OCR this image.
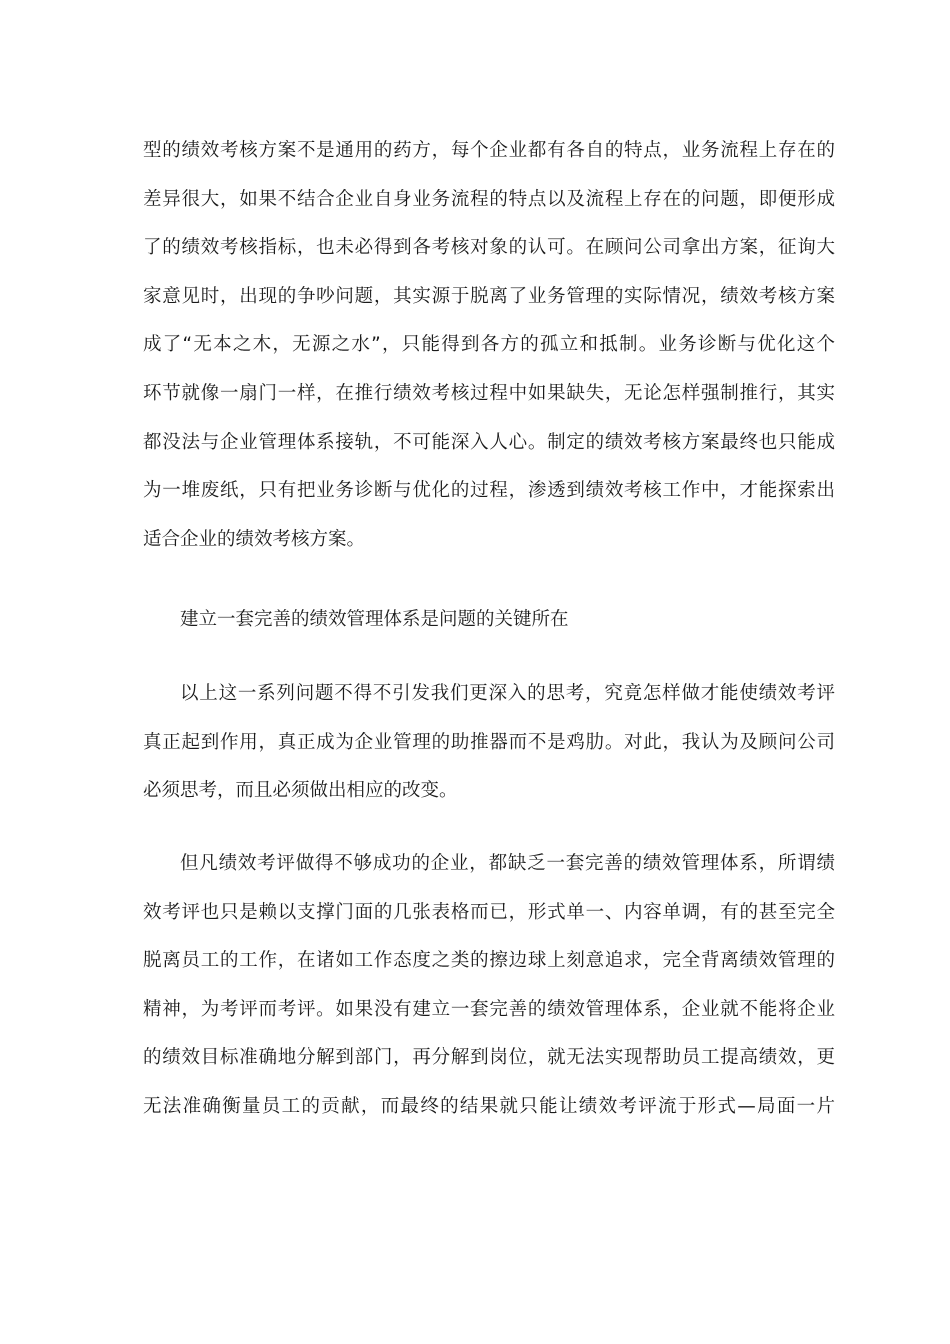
型的绩效考核方案不是通用的药方，每个企业都有各自的特点，业务流程上存在的
差异很大，如果不结合企业自身业务流程的特点以及流程上存在的问题，即便形成
了的绩效考核指标，也未必得到各考核对象的认可。在顾问公司拿出方案，征询大
家意见时，出现的争吵问题，其实源于脱离了业务管理的实际情况，绩效考核方案
成了“无本之木，无源之水”，只能得到各方的孤立和抵制。业务诊断与优化这个
环节就像一扇门一样，在推行绩效考核过程中如果缺失，无论怎样强制推行，其实
都没法与企业管理体系接轨，不可能深入人心。制定的绩效考核方案最终也只能成
为一堆废纸，只有把业务诊断与优化的过程，渗透到绩效考核工作中，才能探索出
适合企业的绩效考核方案。
建立一套完善的绩效管理体系是问题的关键所在
以上这一系列问题不得不引发我们更深入的思考，究竟怎样做才能使绩效考评
真正起到作用，真正成为企业管理的助推器而不是鸡肋。对此，我认为及顾问公司
必须思考，而且必须做出相应的改变。
但凡绩效考评做得不够成功的企业，都缺乏一套完善的绩效管理体系，所谓绩
效考评也只是赖以支撑门面的几张表格而已，形式单一、内容单调，有的甚至完全
脱离员工的工作，在诸如工作态度之类的擦边球上刻意追求，完全背离绩效管理的
精神，为考评而考评。如果没有建立一套完善的绩效管理体系，企业就不能将企业
的绩效目标准确地分解到部门，再分解到岗位，就无法实现帮助员工提高绩效，更
无法准确衡量员工的贡献，而最终的结果就只能让绩效考评流于形式—局面一片
